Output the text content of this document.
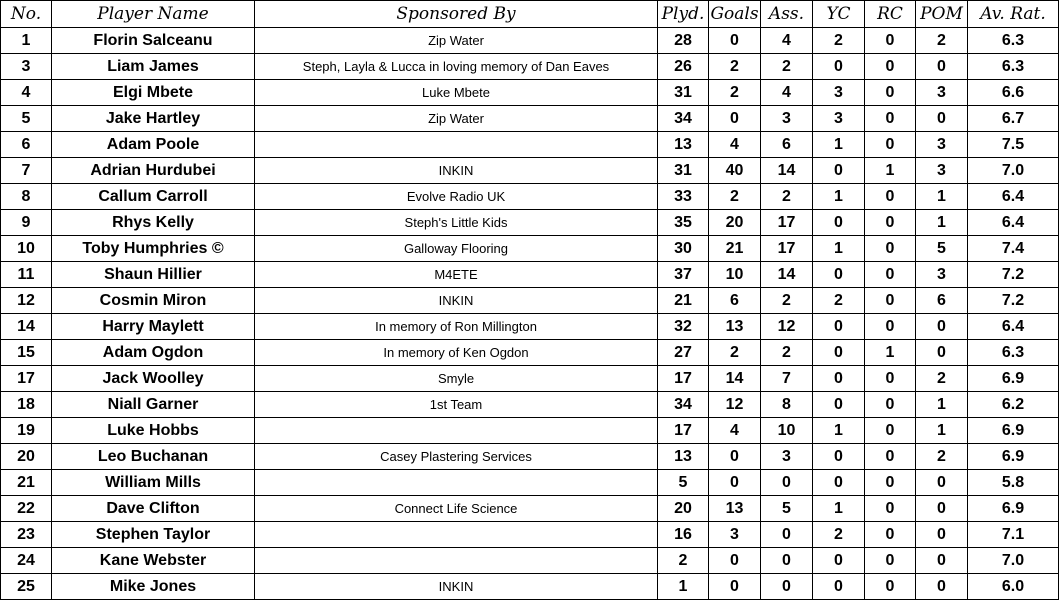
No.	Player Name	Sponsored By	Plyd.	Goals	Ass.	YC	RC	POM	Av. Rat.
1	Florin Salceanu	Zip Water	28	0	4	2	0	2	6.3
3	Liam James	Steph, Layla & Lucca in loving memory of Dan Eaves	26	2	2	0	0	0	6.3
4	Elgi Mbete	Luke Mbete	31	2	4	3	0	3	6.6
5	Jake Hartley	Zip Water	34	0	3	3	0	0	6.7
6	Adam Poole		13	4	6	1	0	3	7.5
7	Adrian Hurdubei	INKIN	31	40	14	0	1	3	7.0
8	Callum Carroll	Evolve Radio UK	33	2	2	1	0	1	6.4
9	Rhys Kelly	Steph's Little Kids	35	20	17	0	0	1	6.4
10	Toby Humphries ©	Galloway Flooring	30	21	17	1	0	5	7.4
11	Shaun Hillier	M4ETE	37	10	14	0	0	3	7.2
12	Cosmin Miron	INKIN	21	6	2	2	0	6	7.2
14	Harry Maylett	In memory of Ron Millington	32	13	12	0	0	0	6.4
15	Adam Ogdon	In memory of Ken Ogdon	27	2	2	0	1	0	6.3
17	Jack Woolley	Smyle	17	14	7	0	0	2	6.9
18	Niall Garner	1st Team	34	12	8	0	0	1	6.2
19	Luke Hobbs		17	4	10	1	0	1	6.9
20	Leo Buchanan	Casey Plastering Services	13	0	3	0	0	2	6.9
21	William Mills		5	0	0	0	0	0	5.8
22	Dave Clifton	Connect Life Science	20	13	5	1	0	0	6.9
23	Stephen Taylor		16	3	0	2	0	0	7.1
24	Kane Webster		2	0	0	0	0	0	7.0
25	Mike Jones	INKIN	1	0	0	0	0	0	6.0
